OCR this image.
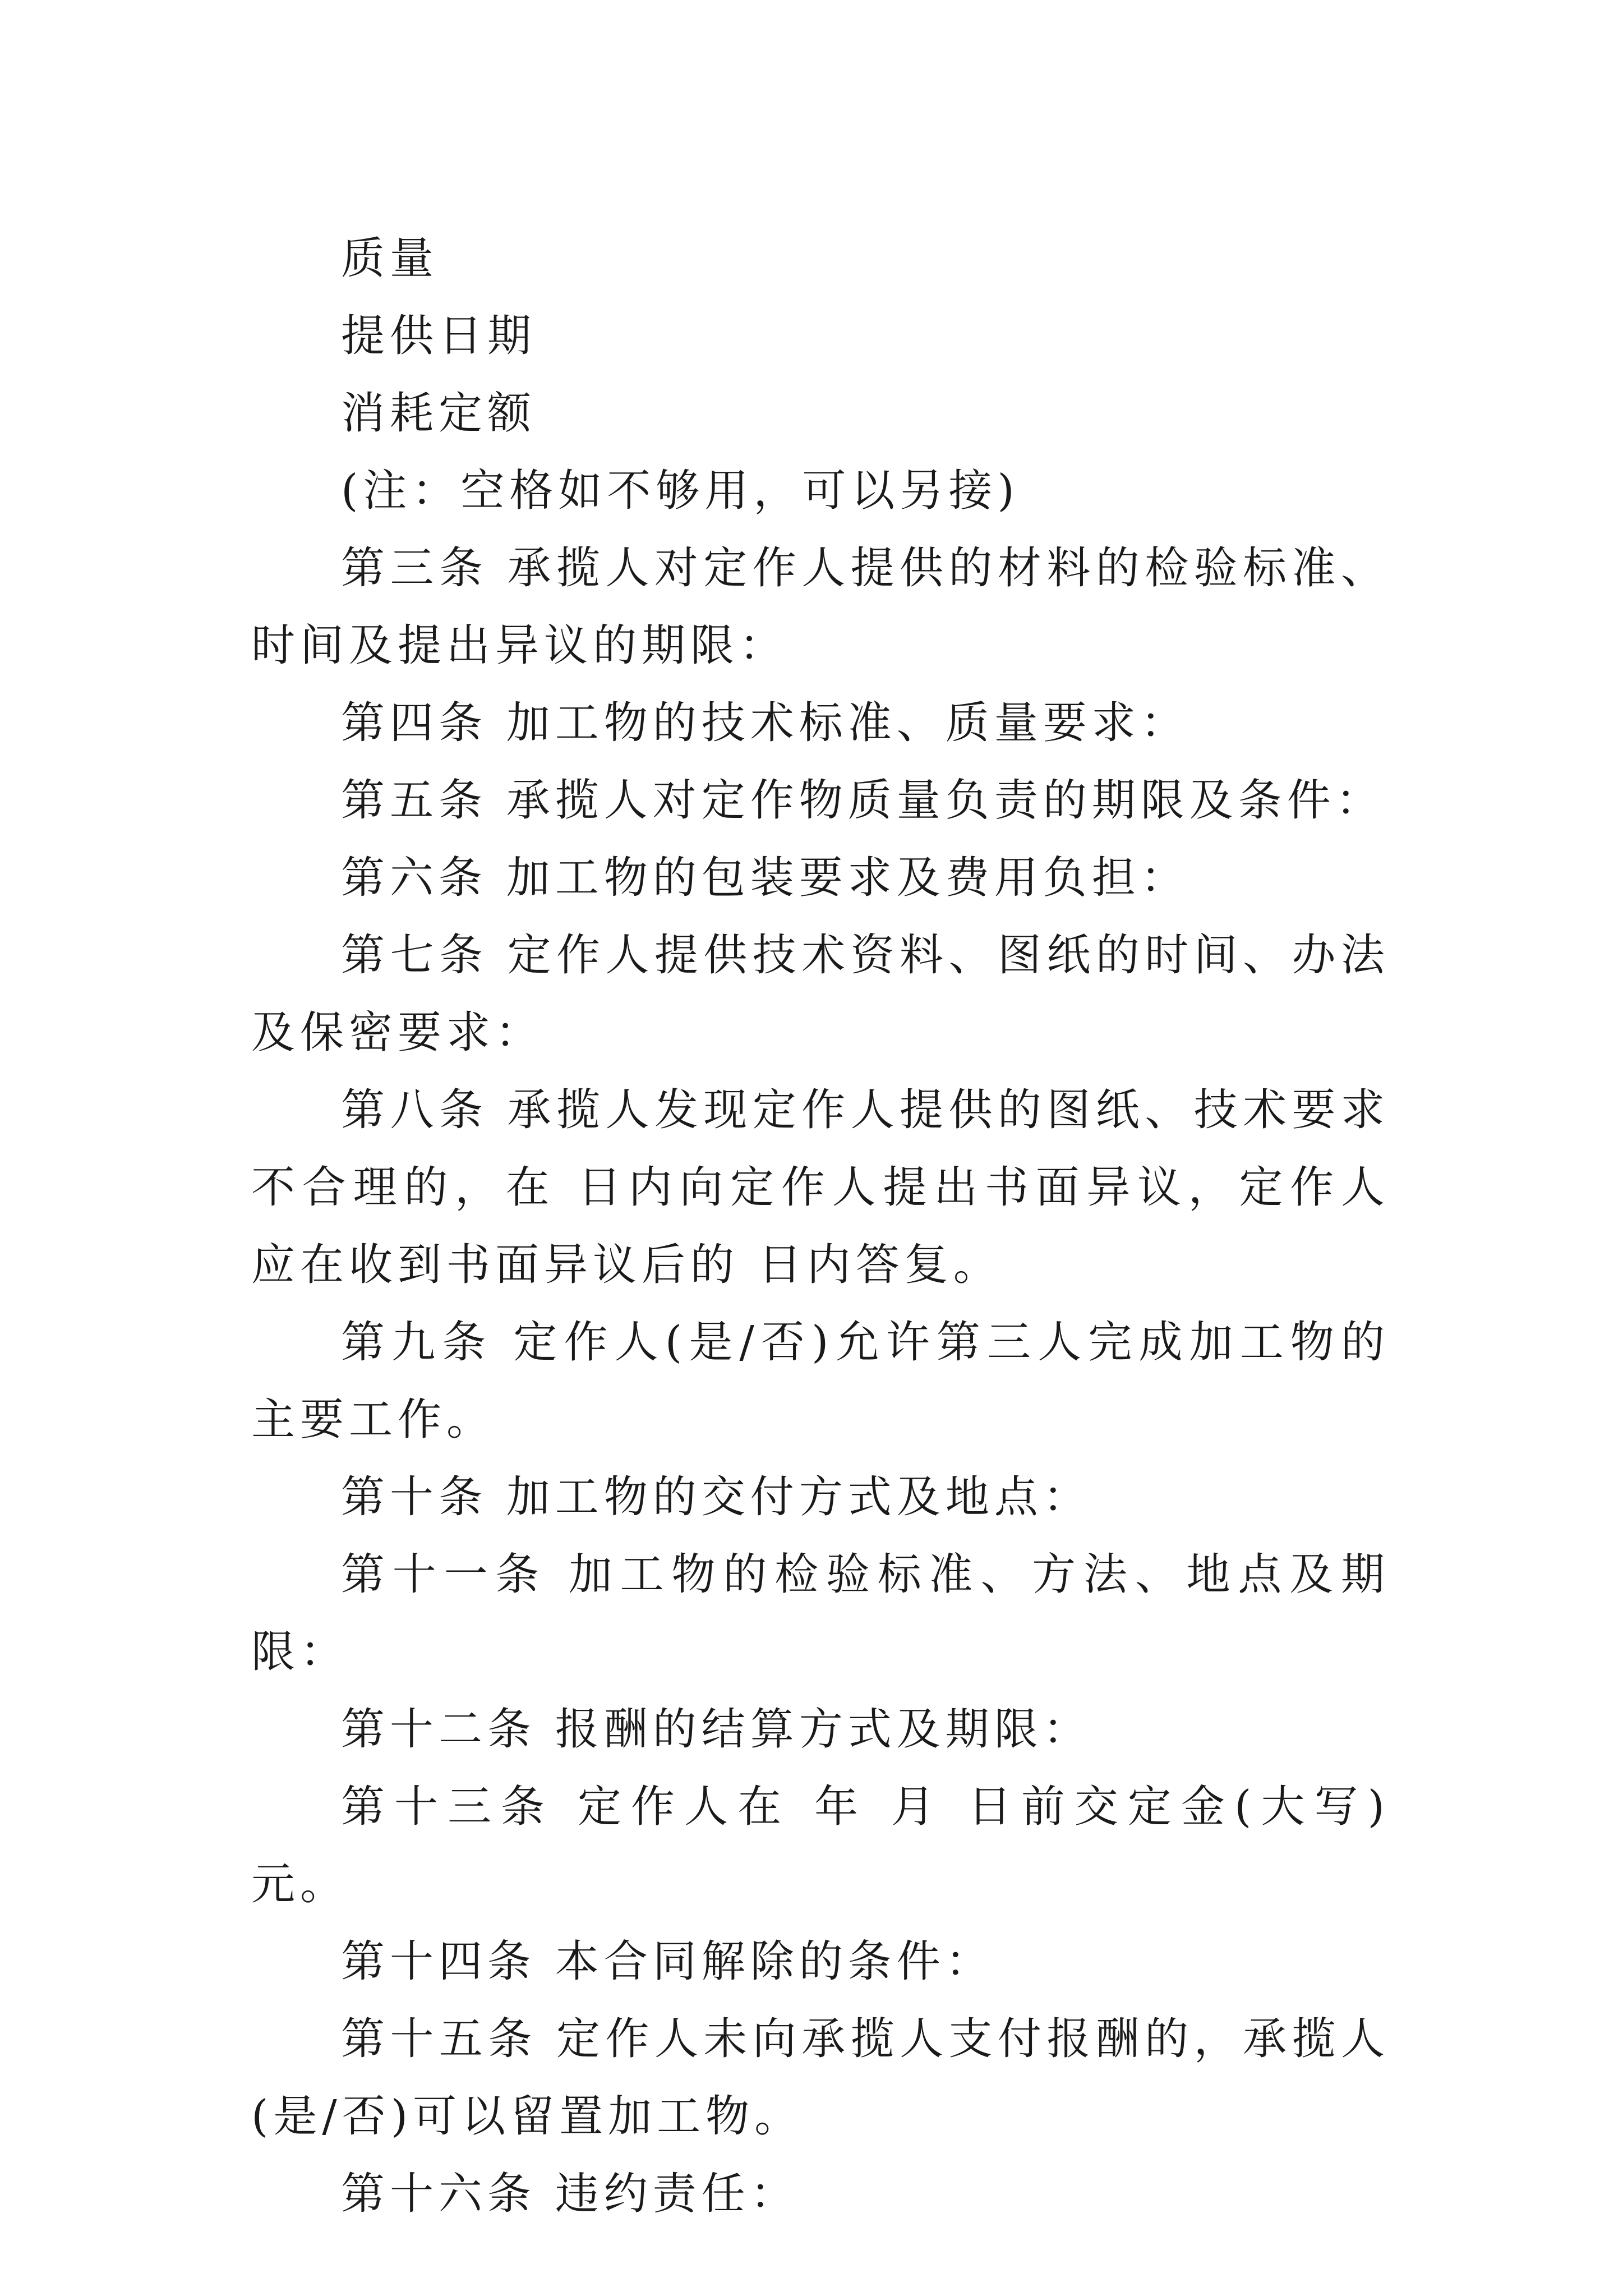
质量

提供日期

消耗定额

(注：空格如不够用，可以另接)

第三条 承揽人对定作人提供的材料的检验标准、时间及提出异议的期限：

第四条 加工物的技术标准、质量要求：

第五条 承揽人对定作物质量负责的期限及条件：

第六条 加工物的包装要求及费用负担：

第七条 定作人提供技术资料、图纸的时间、办法及保密要求：

第八条 承揽人发现定作人提供的图纸、技术要求不合理的，在 日内向定作人提出书面异议，定作人应在收到书面异议后的 日内答复。

第九条 定作人(是/否)允许第三人完成加工物的主要工作。

第十条 加工物的交付方式及地点：

第十一条 加工物的检验标准、方法、地点及期限：

第十二条 报酬的结算方式及期限：

第十三条 定作人在 年 月 日前交定金(大写) 元。

第十四条 本合同解除的条件：

第十五条 定作人未向承揽人支付报酬的，承揽人(是/否)可以留置加工物。

第十六条 违约责任：
